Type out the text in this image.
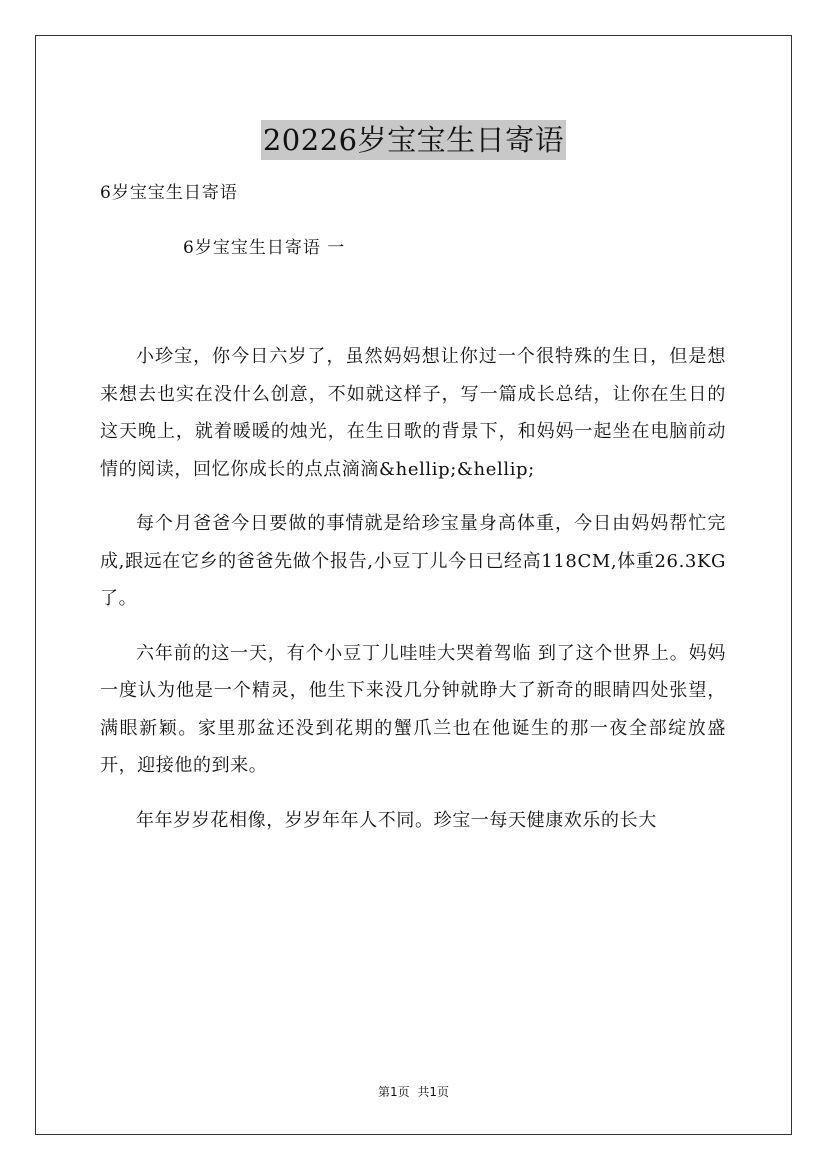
20226岁宝宝生日寄语
6岁宝宝生日寄语
6岁宝宝生日寄语 一

小珍宝，你今日六岁了，虽然妈妈想让你过一个很特殊的生日，但是想来想去也实在没什么创意，不如就这样子，写一篇成长总结，让你在生日的这天晚上，就着暖暖的烛光，在生日歌的背景下，和妈妈一起坐在电脑前动情的阅读，回忆你成长的点点滴滴&hellip;&hellip;

每个月爸爸今日要做的事情就是给珍宝量身高体重，今日由妈妈帮忙完成,跟远在它乡的爸爸先做个报告,小豆丁儿今日已经高118CM,体重26.3KG了。

六年前的这一天，有个小豆丁儿哇哇大哭着驾临 到了这个世界上。妈妈一度认为他是一个精灵，他生下来没几分钟就睁大了新奇的眼睛四处张望，满眼新颖。家里那盆还没到花期的蟹爪兰也在他诞生的那一夜全部绽放盛开，迎接他的到来。

年年岁岁花相像，岁岁年年人不同。珍宝一每天健康欢乐的长大

第1页 共1页
